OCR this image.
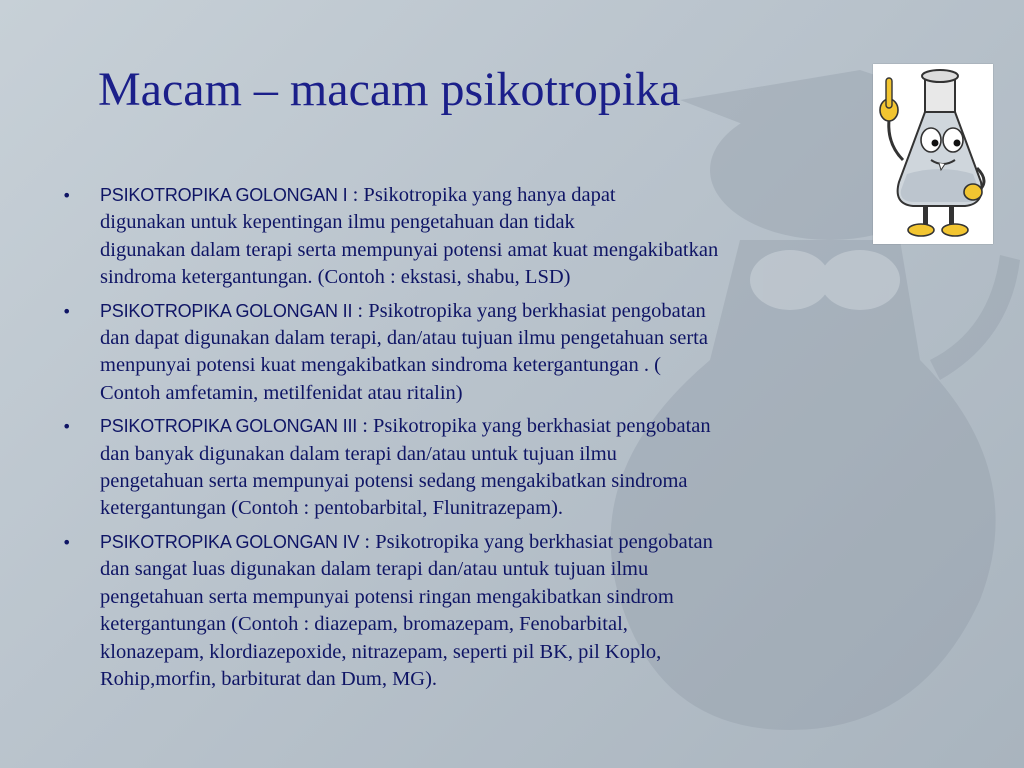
Macam – macam psikotropika
• PSIKOTROPIKA GOLONGAN I : Psikotropika yang hanya dapat
digunakan untuk kepentingan ilmu pengetahuan dan tidak
digunakan dalam terapi serta mempunyai potensi amat kuat mengakibatkan
sindroma ketergantungan. (Contoh : ekstasi, shabu, LSD)
• PSIKOTROPIKA GOLONGAN II : Psikotropika yang berkhasiat pengobatan
dan dapat digunakan dalam terapi, dan/atau tujuan ilmu pengetahuan serta
menpunyai potensi kuat mengakibatkan sindroma ketergantungan . (
Contoh amfetamin, metilfenidat atau ritalin)
• PSIKOTROPIKA GOLONGAN III : Psikotropika yang berkhasiat pengobatan
dan banyak digunakan dalam terapi dan/atau untuk tujuan ilmu
pengetahuan serta mempunyai potensi sedang mengakibatkan sindroma
ketergantungan (Contoh : pentobarbital, Flunitrazepam).
• PSIKOTROPIKA GOLONGAN IV : Psikotropika yang berkhasiat pengobatan
dan sangat luas digunakan dalam terapi dan/atau untuk tujuan ilmu
pengetahuan serta mempunyai potensi ringan mengakibatkan sindrom
ketergantungan (Contoh : diazepam, bromazepam, Fenobarbital,
klonazepam, klordiazepoxide, nitrazepam, seperti pil BK, pil Koplo,
Rohip,morfin, barbiturat dan Dum, MG).
